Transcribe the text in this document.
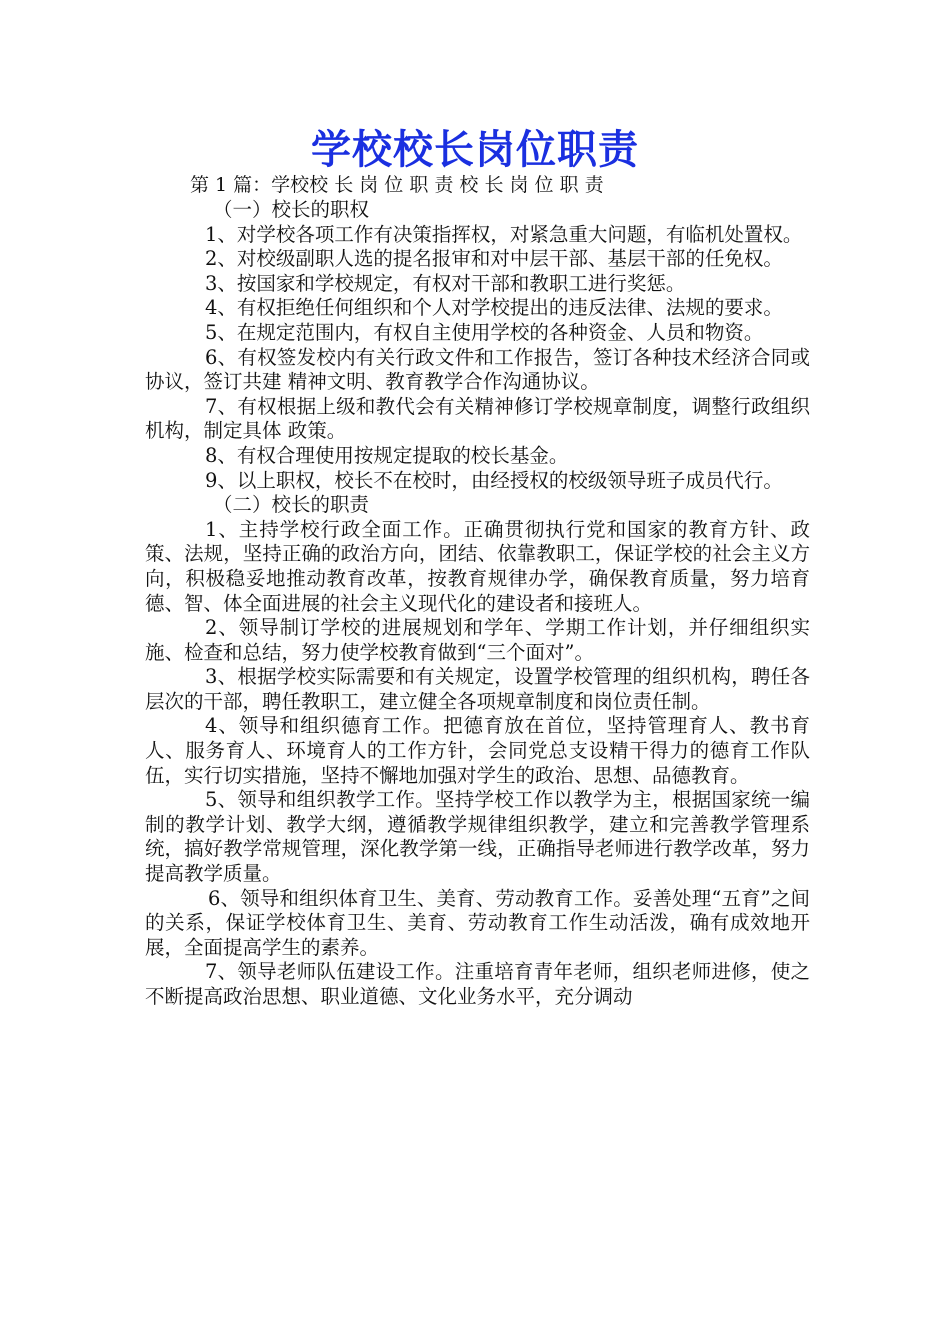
学校校长岗位职责
第 1 篇：学校校 长 岗 位 职 责 校 长 岗 位 职 责

（一）校长的职权

1、对学校各项工作有决策指挥权，对紧急重大问题，有临机处置权。

2、对校级副职人选的提名报审和对中层干部、基层干部的任免权。

3、按国家和学校规定，有权对干部和教职工进行奖惩。

4、有权拒绝任何组织和个人对学校提出的违反法律、法规的要求。

5、在规定范围内，有权自主使用学校的各种资金、人员和物资。

6、有权签发校内有关行政文件和工作报告，签订各种技术经济合同或协议，签订共建 精神文明、教育教学合作沟通协议。

7、有权根据上级和教代会有关精神修订学校规章制度，调整行政组织机构，制定具体 政策。

8、有权合理使用按规定提取的校长基金。

9、以上职权，校长不在校时，由经授权的校级领导班子成员代行。

（二）校长的职责

1、主持学校行政全面工作。正确贯彻执行党和国家的教育方针、政策、法规，坚持正确的政治方向，团结、依靠教职工，保证学校的社会主义方向，积极稳妥地推动教育改革，按教育规律办学，确保教育质量，努力培育德、智、体全面进展的社会主义现代化的建设者和接班人。

2、领导制订学校的进展规划和学年、学期工作计划，并仔细组织实施、检查和总结，努力使学校教育做到“三个面对”。

3、根据学校实际需要和有关规定，设置学校管理的组织机构，聘任各层次的干部，聘任教职工，建立健全各项规章制度和岗位责任制。

4、领导和组织德育工作。把德育放在首位，坚持管理育人、教书育人、服务育人、环境育人的工作方针，会同党总支设精干得力的德育工作队伍，实行切实措施，坚持不懈地加强对学生的政治、思想、品德教育。

5、领导和组织教学工作。坚持学校工作以教学为主，根据国家统一编制的教学计划、教学大纲，遵循教学规律组织教学，建立和完善教学管理系统，搞好教学常规管理，深化教学第一线，正确指导老师进行教学改革，努力提高教学质量。

6、领导和组织体育卫生、美育、劳动教育工作。妥善处理“五育”之间的关系，保证学校体育卫生、美育、劳动教育工作生动活泼，确有成效地开展，全面提高学生的素养。

7、领导老师队伍建设工作。注重培育青年老师，组织老师进修，使之不断提高政治思想、职业道德、文化业务水平，充分调动
